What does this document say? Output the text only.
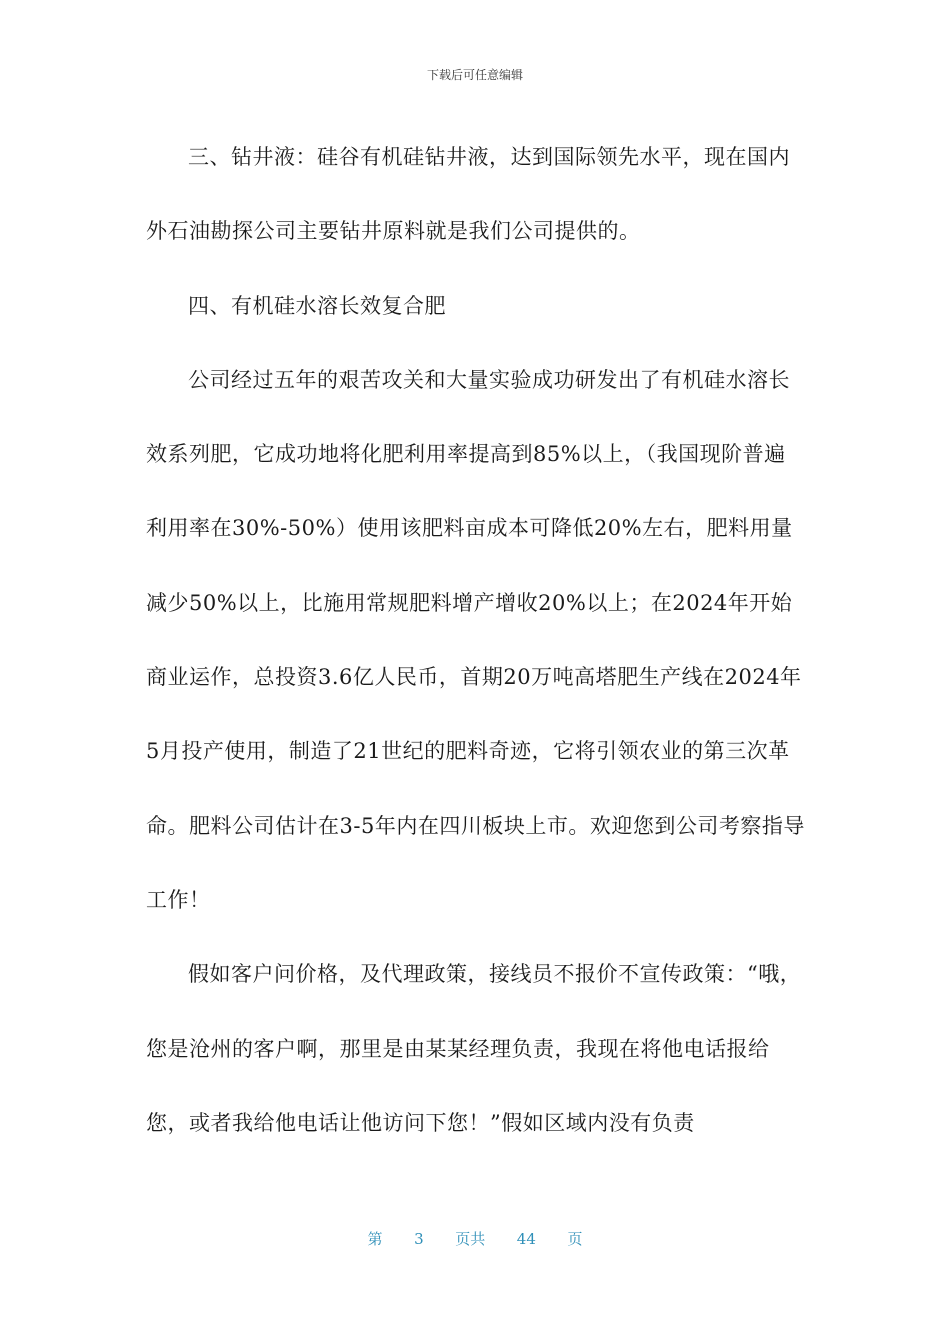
下载后可任意编辑

三、钻井液：硅谷有机硅钻井液，达到国际领先水平，现在国内外石油勘探公司主要钻井原料就是我们公司提供的。

四、有机硅水溶长效复合肥

公司经过五年的艰苦攻关和大量实验成功研发出了有机硅水溶长效系列肥，它成功地将化肥利用率提高到85%以上，（我国现阶普遍利用率在30%-50%）使用该肥料亩成本可降低20%左右，肥料用量减少50%以上，比施用常规肥料增产增收20%以上；在2024年开始商业运作，总投资3.6亿人民币，首期20万吨高塔肥生产线在2024年5月投产使用，制造了21世纪的肥料奇迹，它将引领农业的第三次革命。肥料公司估计在3-5年内在四川板块上市。欢迎您到公司考察指导工作！

假如客户问价格，及代理政策，接线员不报价不宣传政策：“哦，您是沧州的客户啊，那里是由某某经理负责，我现在将他电话报给您，或者我给他电话让他访问下您！”假如区域内没有负责

第 3 页共 44 页
